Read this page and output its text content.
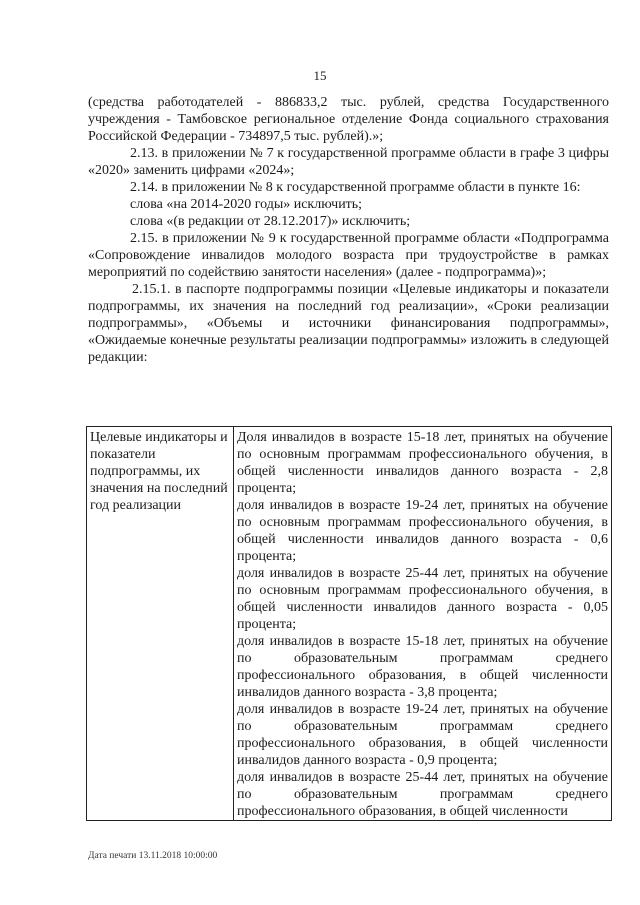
15

(средства работодателей - 886833,2 тыс. рублей, средства Государственного учреждения - Тамбовское региональное отделение Фонда социального страхования Российской Федерации - 734897,5 тыс. рублей).»;

2.13. в приложении № 7 к государственной программе области в графе 3 цифры «2020» заменить цифрами «2024»;

2.14. в приложении № 8 к государственной программе области в пункте 16:

слова «на 2014-2020 годы» исключить;

слова «(в редакции от 28.12.2017)» исключить;

2.15. в приложении № 9 к государственной программе области «Подпрограмма «Сопровождение инвалидов молодого возраста при трудоустройстве в рамках мероприятий по содействию занятости населения» (далее - подпрограмма)»;

2.15.1. в паспорте подпрограммы позиции «Целевые индикаторы и показатели подпрограммы, их значения на последний год реализации», «Сроки реализации подпрограммы», «Объемы и источники финансирования подпрограммы», «Ожидаемые конечные результаты реализации подпрограммы» изложить в следующей редакции:

Целевые индикаторы и показатели подпрограммы, их значения на последний год реализации	
Доля инвалидов в возрасте 15-18 лет, принятых на обучение по основным программам профессионального обучения, в общей численности инвалидов данного возраста - 2,8 процента;
доля инвалидов в возрасте 19-24 лет, принятых на обучение по основным программам профессионального обучения, в общей численности инвалидов данного возраста - 0,6 процента;
доля инвалидов в возрасте 25-44 лет, принятых на обучение по основным программам профессионального обучения, в общей численности инвалидов данного возраста - 0,05 процента;
доля инвалидов в возрасте 15-18 лет, принятых на обучение по образовательным программам среднего профессионального образования, в общей численности инвалидов данного возраста - 3,8 процента;
доля инвалидов в возрасте 19-24 лет, принятых на обучение по образовательным программам среднего профессионального образования, в общей численности инвалидов данного возраста - 0,9 процента;
доля инвалидов в возрасте 25-44 лет, принятых на обучение по образовательным программам среднего профессионального образования, в общей численности
Дата печати 13.11.2018 10:00:00
